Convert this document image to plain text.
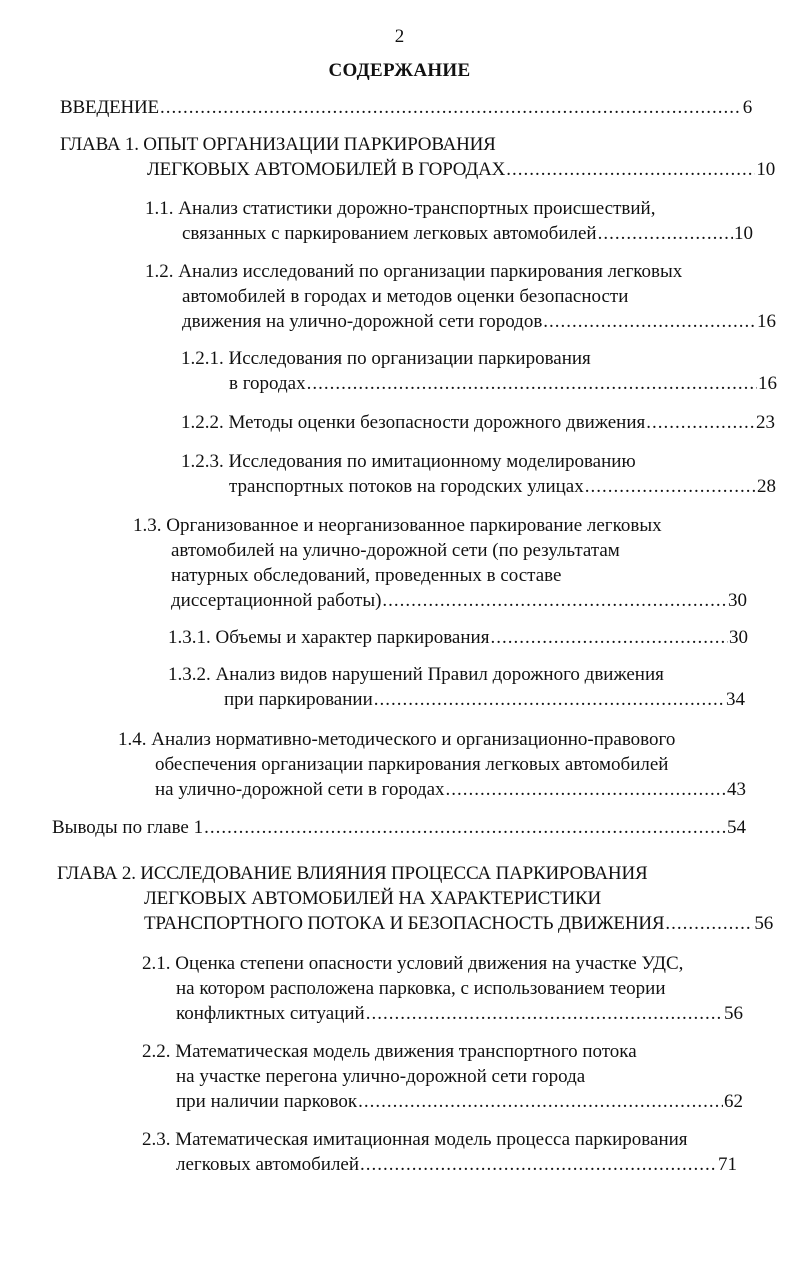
2
СОДЕРЖАНИЕ
ВВЕДЕНИЕ .....	6
ГЛАВА 1. ОПЫТ ОРГАНИЗАЦИИ ПАРКИРОВАНИЯ
ЛЕГКОВЫХ АВТОМОБИЛЕЙ В ГОРОДАХ .....	10
1.1. Анализ статистики дорожно-транспортных происшествий,
связанных с паркированием легковых автомобилей .....	10
1.2. Анализ исследований по организации паркирования легковых
автомобилей в городах и методов оценки безопасности
движения на улично-дорожной сети городов .....	16
1.2.1. Исследования по организации паркирования
в городах .....	16
1.2.2. Методы оценки безопасности дорожного движения .....	23
1.2.3. Исследования по имитационному моделированию
транспортных потоков на городских улицах .....	28
1.3. Организованное и неорганизованное паркирование легковых
автомобилей на улично-дорожной сети (по результатам
натурных обследований, проведенных в составе
диссертационной работы) .....	30
1.3.1. Объемы и характер паркирования .....	30
1.3.2. Анализ видов нарушений Правил дорожного движения
при паркировании .....	34
1.4. Анализ нормативно-методического и организационно-правового
обеспечения организации паркирования легковых автомобилей
на улично-дорожной сети в городах .....	43
Выводы по главе 1 .....	54
ГЛАВА 2. ИССЛЕДОВАНИЕ ВЛИЯНИЯ ПРОЦЕССА ПАРКИРОВАНИЯ
ЛЕГКОВЫХ АВТОМОБИЛЕЙ НА ХАРАКТЕРИСТИКИ
ТРАНСПОРТНОГО ПОТОКА И БЕЗОПАСНОСТЬ ДВИЖЕНИЯ .....	56
2.1. Оценка степени опасности условий движения на участке УДС,
на котором расположена парковка, с использованием теории
конфликтных ситуаций .....	56
2.2. Математическая модель движения транспортного потока
на участке перегона улично-дорожной сети города
при наличии парковок .....	62
2.3. Математическая имитационная модель процесса паркирования
легковых автомобилей .....	71
